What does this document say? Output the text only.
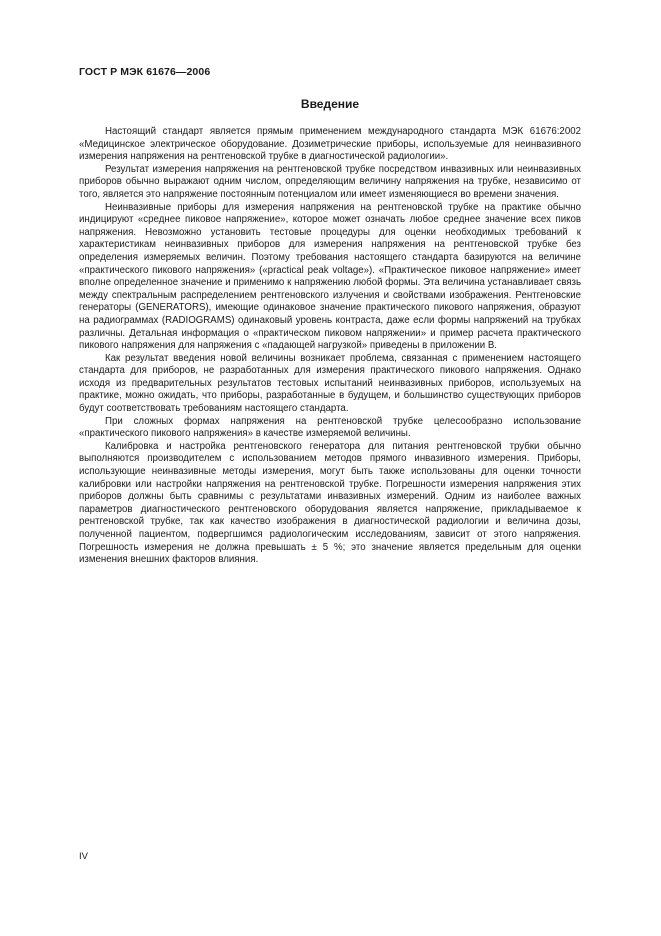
ГОСТ Р МЭК 61676—2006
Введение

Настоящий стандарт является прямым применением международного стандарта МЭК 61676:2002 «Медицинское электрическое оборудование. Дозиметрические приборы, используемые для неинвазивного измерения напряжения на рентгеновской трубке в диагностической радиологии».

Результат измерения напряжения на рентгеновской трубке посредством инвазивных или неинвазивных приборов обычно выражают одним числом, определяющим величину напряжения на трубке, независимо от того, является это напряжение постоянным потенциалом или имеет изменяющиеся во времени значения.

Неинвазивные приборы для измерения напряжения на рентгеновской трубке на практике обычно индицируют «среднее пиковое напряжение», которое может означать любое среднее значение всех пиков напряжения. Невозможно установить тестовые процедуры для оценки необходимых требований к характеристикам неинвазивных приборов для измерения напряжения на рентгеновской трубке без определения измеряемых величин. Поэтому требования настоящего стандарта базируются на величине «практического пикового напряжения» («practical peak voltage»). «Практическое пиковое напряжение» имеет вполне определенное значение и применимо к напряжению любой формы. Эта величина устанавливает связь между спектральным распределением рентгеновского излучения и свойствами изображения. Рентгеновские генераторы (GENERATORS), имеющие одинаковое значение практического пикового напряжения, образуют на радиограммах (RADIOGRAMS) одинаковый уровень контраста, даже если формы напряжений на трубках различны. Детальная информация о «практическом пиковом напряжении» и пример расчета практического пикового напряжения для напряжения с «падающей нагрузкой» приведены в приложении В.

Как результат введения новой величины возникает проблема, связанная с применением настоящего стандарта для приборов, не разработанных для измерения практического пикового напряжения. Однако исходя из предварительных результатов тестовых испытаний неинвазивных приборов, используемых на практике, можно ожидать, что приборы, разработанные в будущем, и большинство существующих приборов будут соответствовать требованиям настоящего стандарта.

При сложных формах напряжения на рентгеновской трубке целесообразно использование «практического пикового напряжения» в качестве измеряемой величины.

Калибровка и настройка рентгеновского генератора для питания рентгеновской трубки обычно выполняются производителем с использованием методов прямого инвазивного измерения. Приборы, использующие неинвазивные методы измерения, могут быть также использованы для оценки точности калибровки или настройки напряжения на рентгеновской трубке. Погрешности измерения напряжения этих приборов должны быть сравнимы с результатами инвазивных измерений. Одним из наиболее важных параметров диагностического рентгеновского оборудования является напряжение, прикладываемое к рентгеновской трубке, так как качество изображения в диагностической радиологии и величина дозы, полученной пациентом, подвергшимся радиологическим исследованиям, зависит от этого напряжения. Погрешность измерения не должна превышать ± 5 %; это значение является предельным для оценки изменения внешних факторов влияния.

IV
